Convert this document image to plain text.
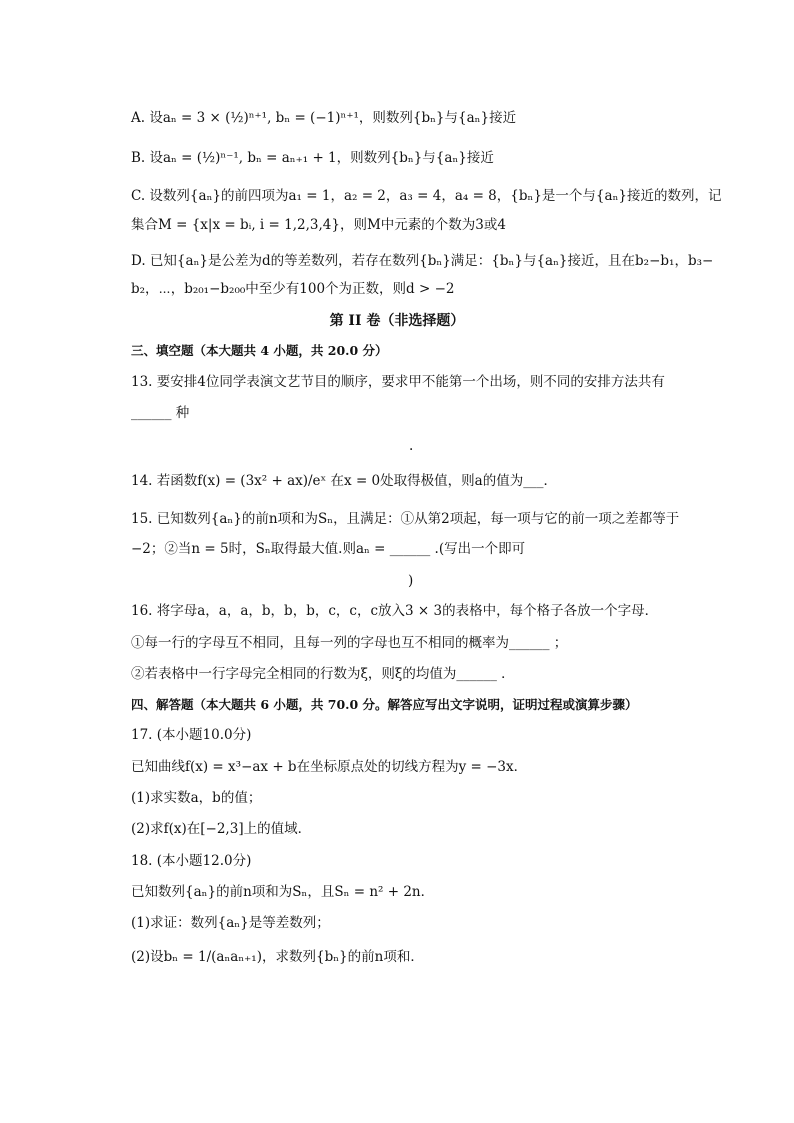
A. 设aₙ = 3 × (½)ⁿ⁺¹, bₙ = (−1)ⁿ⁺¹，则数列{bₙ}与{aₙ}接近
B. 设aₙ = (½)ⁿ⁻¹, bₙ = aₙ₊₁ + 1，则数列{bₙ}与{aₙ}接近
C. 设数列{aₙ}的前四项为a₁ = 1，a₂ = 2，a₃ = 4，a₄ = 8，{bₙ}是一个与{aₙ}接近的数列，记
集合M = {x|x = bᵢ, i = 1,2,3,4}，则M中元素的个数为3或4
D. 已知{aₙ}是公差为d的等差数列，若存在数列{bₙ}满足：{bₙ}与{aₙ}接近，且在b₂−b₁，b₃−
b₂，⋯，b₂₀₁−b₂₀₀中至少有100个为正数，则d > −2
第 II 卷（非选择题）
三、填空题（本大题共 4 小题，共 20.0 分）
13. 要安排4位同学表演文艺节目的顺序，要求甲不能第一个出场，则不同的安排方法共有
______ 种
.
14. 若函数f(x) = (3x² + ax)/eˣ 在x = 0处取得极值，则a的值为___．
15. 已知数列{aₙ}的前n项和为Sₙ，且满足：①从第2项起，每一项与它的前一项之差都等于
−2；②当n = 5时，Sₙ取得最大值.则aₙ = ______ .(写出一个即可
)
16. 将字母a，a，a，b，b，b，c，c，c放入3 × 3的表格中，每个格子各放一个字母．
①每一行的字母互不相同，且每一列的字母也互不相同的概率为______ ；
②若表格中一行字母完全相同的行数为ξ，则ξ的均值为______ ．
四、解答题（本大题共 6 小题，共 70.0 分。解答应写出文字说明，证明过程或演算步骤）
17. (本小题10.0分)
已知曲线f(x) = x³−ax + b在坐标原点处的切线方程为y = −3x．
(1)求实数a，b的值；
(2)求f(x)在[−2,3]上的值域．
18. (本小题12.0分)
已知数列{aₙ}的前n项和为Sₙ，且Sₙ = n² + 2n．
(1)求证：数列{aₙ}是等差数列；
(2)设bₙ = 1/(aₙaₙ₊₁)，求数列{bₙ}的前n项和．
